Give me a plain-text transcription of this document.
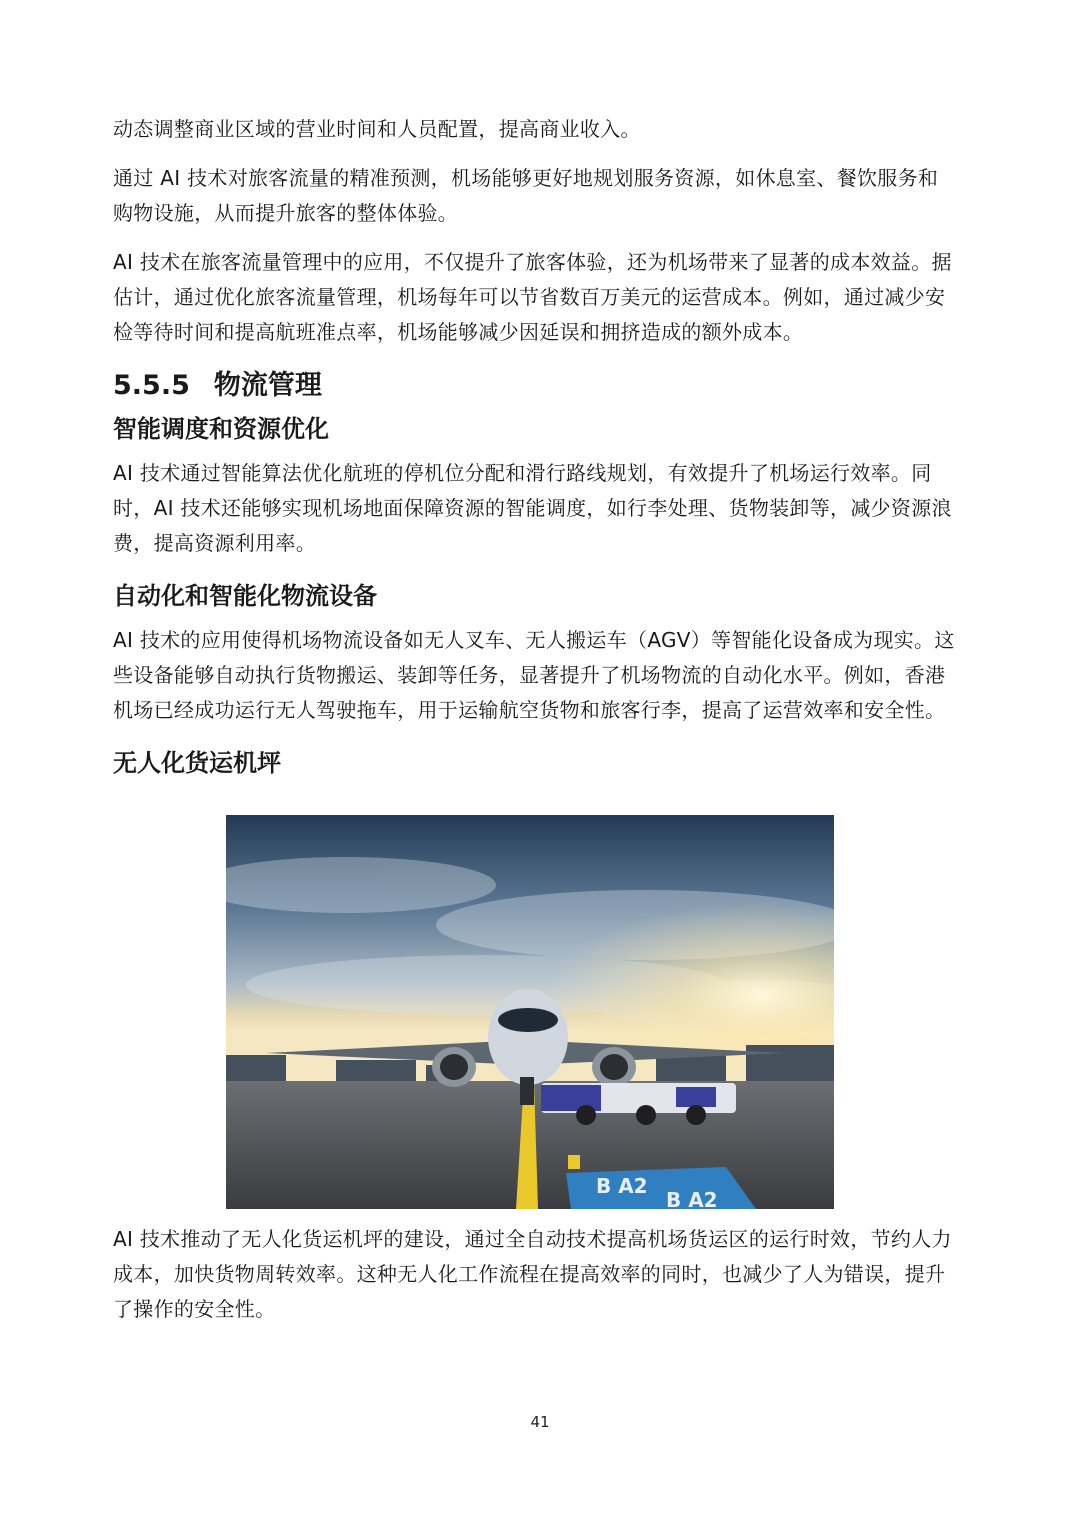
动态调整商业区域的营业时间和人员配置，提高商业收入。

通过 AI 技术对旅客流量的精准预测，机场能够更好地规划服务资源，如休息室、餐饮服务和购物设施，从而提升旅客的整体体验。

AI 技术在旅客流量管理中的应用，不仅提升了旅客体验，还为机场带来了显著的成本效益。据估计，通过优化旅客流量管理，机场每年可以节省数百万美元的运营成本。例如，通过减少安检等待时间和提高航班准点率，机场能够减少因延误和拥挤造成的额外成本。

5.5.5 物流管理
智能调度和资源优化

AI 技术通过智能算法优化航班的停机位分配和滑行路线规划，有效提升了机场运行效率。同时，AI 技术还能够实现机场地面保障资源的智能调度，如行李处理、货物装卸等，减少资源浪费，提高资源利用率。

自动化和智能化物流设备

AI 技术的应用使得机场物流设备如无人叉车、无人搬运车（AGV）等智能化设备成为现实。这些设备能够自动执行货物搬运、装卸等任务，显著提升了机场物流的自动化水平。例如，香港机场已经成功运行无人驾驶拖车，用于运输航空货物和旅客行李，提高了运营效率和安全性。

无人化货运机坪
B A2
B A2

AI 技术推动了无人化货运机坪的建设，通过全自动技术提高机场货运区的运行时效，节约人力成本，加快货物周转效率。这种无人化工作流程在提高效率的同时，也减少了人为错误，提升了操作的安全性。

41
